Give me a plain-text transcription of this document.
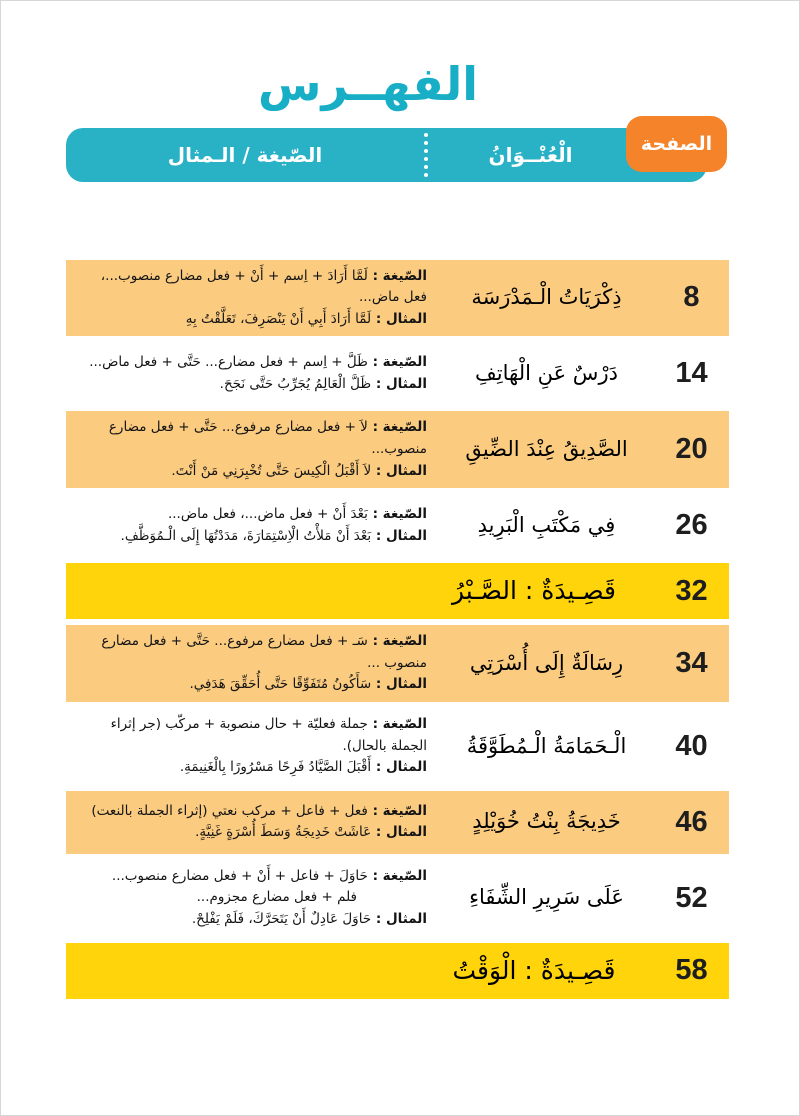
الفهــرس
الْعُنْــوَانُ
الصّيغة / الـمثال	الصفحة
8
ذِكْرَيَاتُ الْـمَدْرَسَة
الصّيغة : لَمَّا أَرَادَ + اِسم + أَنْ + فعل مضارع منصوب...، فعل ماض...
المثال : لَمَّا أَرَادَ أَبِي أَنْ يَنْصَرِفَ، تَعَلَّقْتُ بِهِ
14
دَرْسٌ عَنِ الْهَاتِفِ
الصّيغة : ظَلَّ + اِسم + فعل مضارع... حَتَّى + فعل ماض...
المثال : ظَلَّ الْعَالِمُ يُجَرِّبُ حَتَّى نَجَحَ.
20
الصَّدِيقُ عِنْدَ الضِّيقِ
الصّيغة : لاَ + فعل مضارع مرفوع... حَتَّى + فعل مضارع منصوب...
المثال : لاَ أَقْبَلُ الْكِيسَ حَتَّى تُخْبِرَنِي مَنْ أَنْتَ.
26
فِي مَكْتَبِ الْبَرِيدِ
الصّيغة : بَعْدَ أَنْ + فعل ماض...، فعل ماض...
المثال : بَعْدَ أَنْ مَلأْتُ الْاِسْتِمَارَةَ، مَدَدْتُهَا إِلَى الْـمُوَظَّفِ.
32
قَصِـيدَةٌ : الصَّـبْرُ
34
رِسَالَةٌ إِلَى أُسْرَتِي
الصّيغة : سَـ + فعل مضارع مرفوع... حَتَّى + فعل مضارع منصوب ...
المثال : سَأَكُونُ مُتَفَوِّقًا حَتَّى أُحَقِّقَ هَدَفِي.
40
الْـحَمَامَةُ الْـمُطَوَّقَةُ
الصّيغة : جملة فعليّة + حال منصوبة + مركّب (جر إثراء الجملة بالحال).
المثال : أَقْبَلَ الصَّيَّادُ فَرِحًا مَسْرُورًا بِالْغَنِيمَةِ.
46
خَدِيجَةُ بِنْتُ خُوَيْلِدٍ
الصّيغة : فعل + فاعل + مركب نعتي (إثراء الجملة بالنعت)
المثال : عَاشَتْ خَدِيجَةُ وَسَطَ أُسْرَةٍ غَنِيَّةٍ.
52
عَلَى سَرِيرِ الشِّفَاءِ
الصّيغة : حَاوَلَ + فاعل + أَنْ + فعل مضارع منصوب...
فلم + فعل مضارع مجزوم...
المثال : حَاوَلَ عَادِلٌ أَنْ يَتَحَرَّكَ، فَلَمْ يَفْلِحْ.
58
قَصِـيدَةٌ : الْوَقْتُ
